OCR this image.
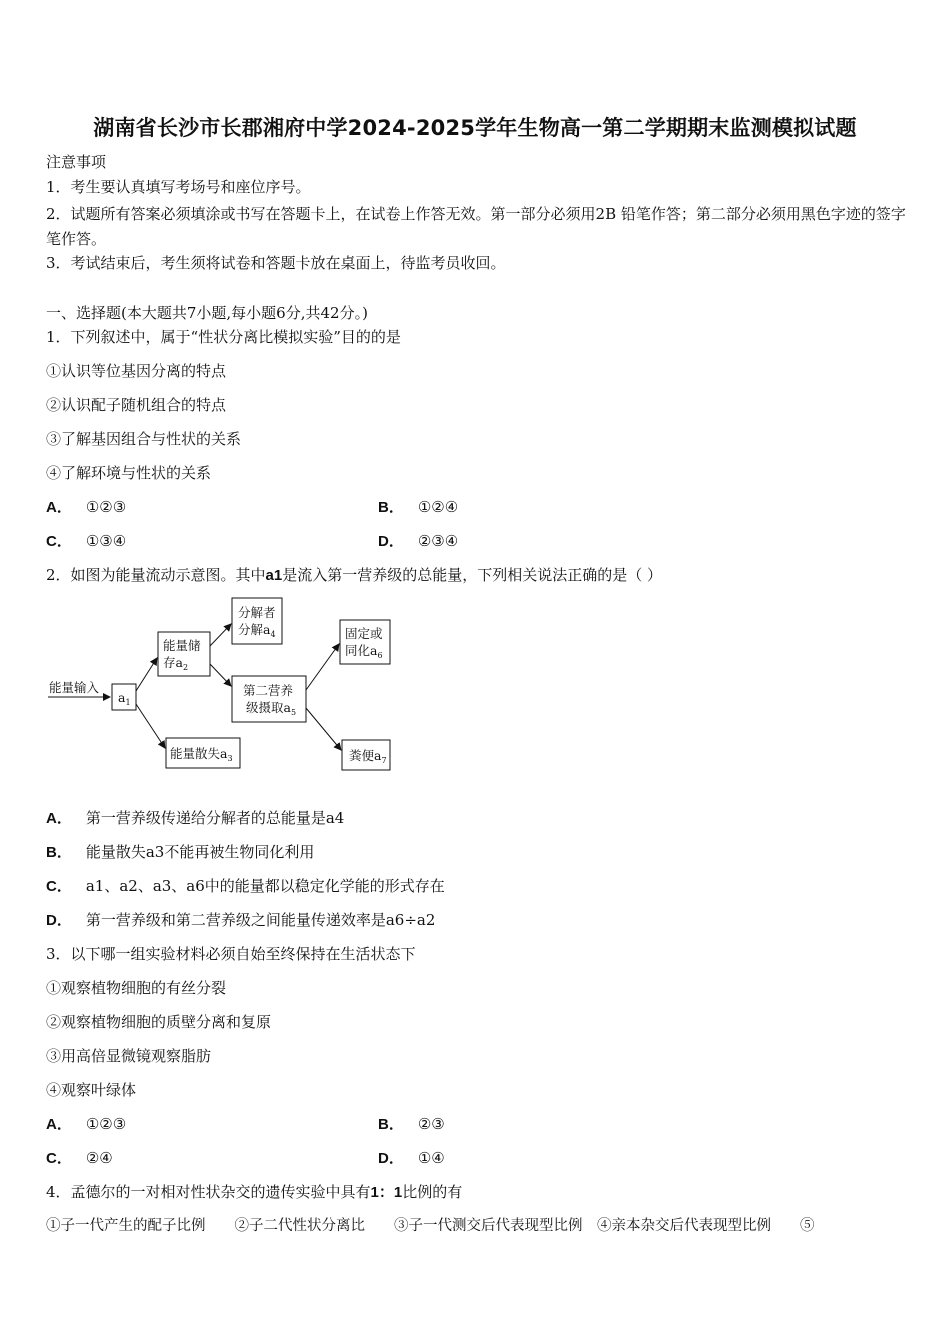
湖南省长沙市长郡湘府中学2024-2025学年生物高一第二学期期末监测模拟试题
注意事项
1．考生要认真填写考场号和座位序号。
2．试题所有答案必须填涂或书写在答题卡上，在试卷上作答无效。第一部分必须用2B 铅笔作答；第二部分必须用黑色字迹的签字笔作答。
3．考试结束后，考生须将试卷和答题卡放在桌面上，待监考员收回。
一、选择题(本大题共7小题,每小题6分,共42分。)
1．下列叙述中，属于“性状分离比模拟实验”目的的是
①认识等位基因分离的特点
②认识配子随机组合的特点
③了解基因组合与性状的关系
④了解环境与性状的关系
A． ①②③	B． ①②④
C． ①③④	D． ②③④
2．如图为能量流动示意图。其中a1是流入第一营养级的总能量，下列相关说法正确的是（ ）
能量输入
$a_1$
能量储
存$a_2$
能量散失$a_3$
分解者
分解$a_4$
第二营养
级摄取$a_5$
固定或
同化$a_6$
粪便$a_7$
A． 第一营养级传递给分解者的总能量是a4
B． 能量散失a3不能再被生物同化利用
C． a1、a2、a3、a6中的能量都以稳定化学能的形式存在
D． 第一营养级和第二营养级之间能量传递效率是a6÷a2
3．以下哪一组实验材料必须自始至终保持在生活状态下
①观察植物细胞的有丝分裂
②观察植物细胞的质壁分离和复原
③用高倍显微镜观察脂肪
④观察叶绿体
A． ①②③	B． ②③
C． ②④	D． ①④
4．孟德尔的一对相对性状杂交的遗传实验中具有1：1比例的有
①子一代产生的配子比例　　②子二代性状分离比　　③子一代测交后代表现型比例　④亲本杂交后代表现型比例　　⑤
